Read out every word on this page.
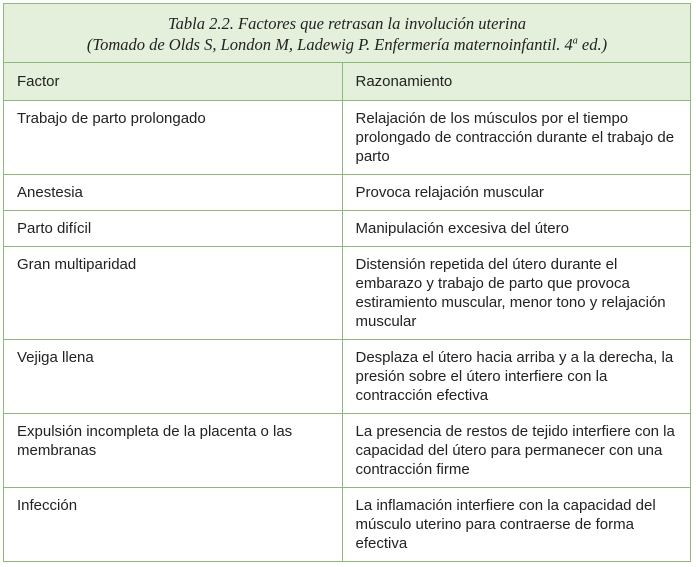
Tabla 2.2. Factores que retrasan la involución uterina
(Tomado de Olds S, London M, Ladewig P. Enfermería maternoinfantil. 4$^a$ ed.)
Factor	Razonamiento
Trabajo de parto prolongado	Relajación de los músculos por el tiempo prolongado de contracción durante el trabajo de parto
Anestesia	Provoca relajación muscular
Parto difícil	Manipulación excesiva del útero
Gran multiparidad	Distensión repetida del útero durante el embarazo y trabajo de parto que provoca estiramiento muscular, menor tono y relajación muscular
Vejiga llena	Desplaza el útero hacia arriba y a la derecha, la presión sobre el útero interfiere con la contracción efectiva
Expulsión incompleta de la placenta o las membranas	La presencia de restos de tejido interfiere con la capacidad del útero para permanecer con una contracción firme
Infección	La inflamación interfiere con la capacidad del músculo uterino para contraerse de forma efectiva
